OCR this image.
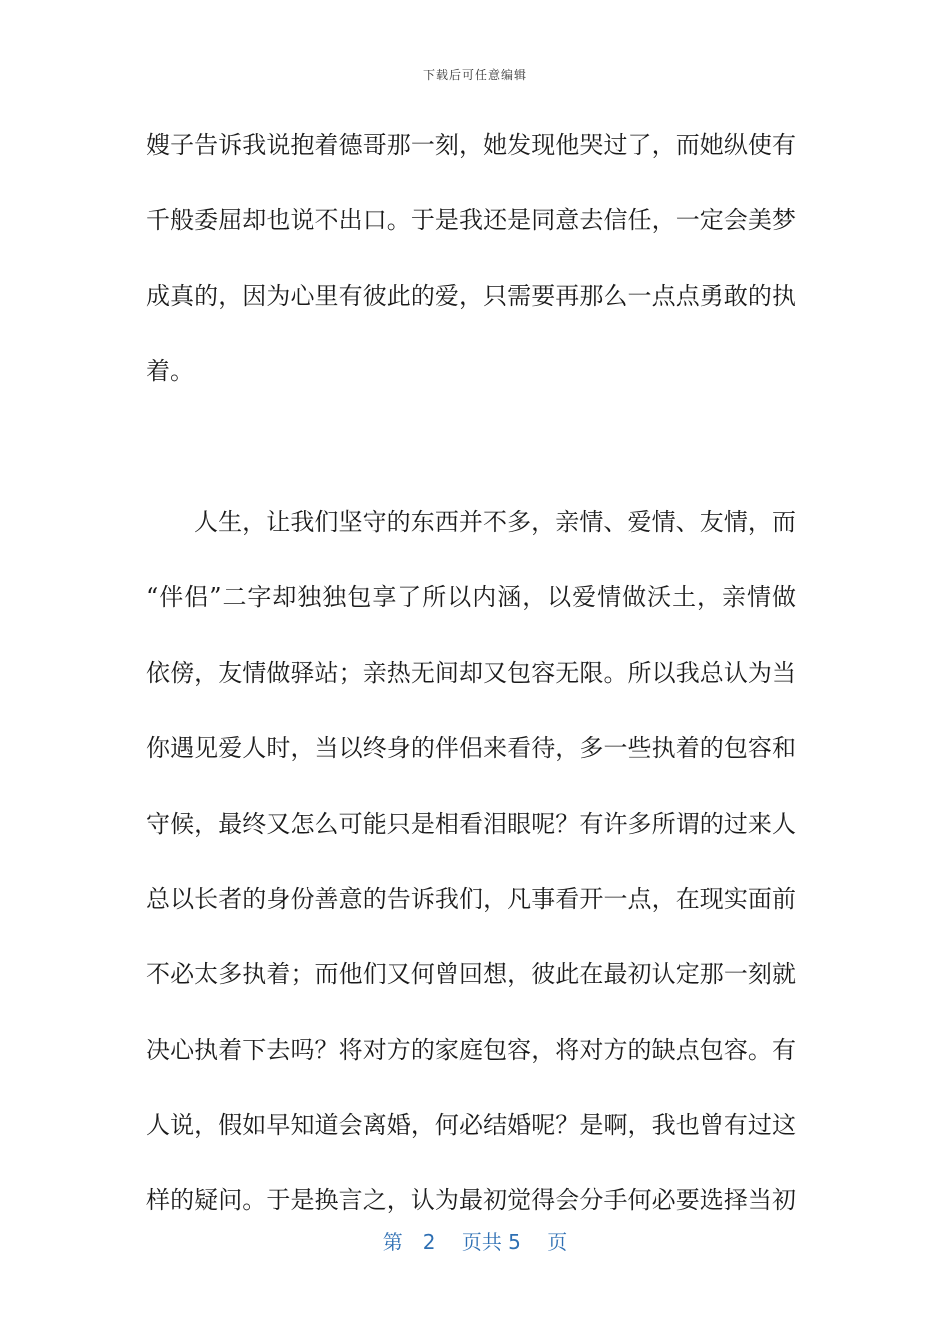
下载后可任意编辑
嫂子告诉我说抱着德哥那一刻，她发现他哭过了，而她纵使有
千般委屈却也说不出口。于是我还是同意去信任，一定会美梦
成真的，因为心里有彼此的爱，只需要再那么一点点勇敢的执
着。
人生，让我们坚守的东西并不多，亲情、爱情、友情，而
“伴侣”二字却独独包享了所以内涵，以爱情做沃土，亲情做
依傍，友情做驿站；亲热无间却又包容无限。所以我总认为当
你遇见爱人时，当以终身的伴侣来看待，多一些执着的包容和
守候，最终又怎么可能只是相看泪眼呢？有许多所谓的过来人
总以长者的身份善意的告诉我们，凡事看开一点，在现实面前
不必太多执着；而他们又何曾回想，彼此在最初认定那一刻就
决心执着下去吗？将对方的家庭包容，将对方的缺点包容。有
人说，假如早知道会离婚，何必结婚呢？是啊，我也曾有过这
样的疑问。于是换言之，认为最初觉得会分手何必要选择当初
第　2　 页共 5　 页
